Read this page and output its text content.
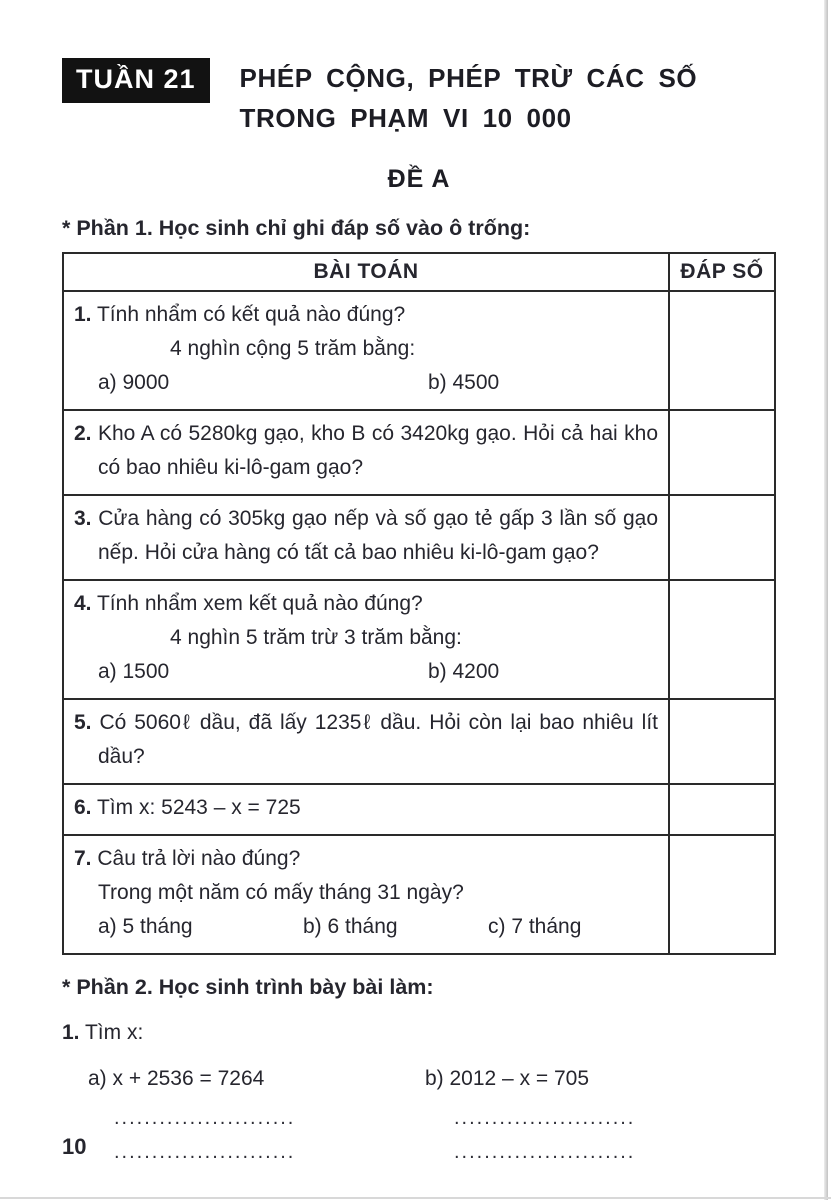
TUẦN 21	PHÉP CỘNG, PHÉP TRỪ CÁC SỐ
TRONG PHẠM VI 10 000
ĐỀ A
* Phần 1. Học sinh chỉ ghi đáp số vào ô trống:
BÀI TOÁN	ĐÁP SỐ

1. Tính nhẩm có kết quả nào đúng?

4 nghìn cộng 5 trăm bằng:

a) 9000 b) 4500	

2. Kho A có 5280kg gạo, kho B có 3420kg gạo. Hỏi cả hai kho có bao nhiêu ki-lô-gam gạo?	

3. Cửa hàng có 305kg gạo nếp và số gạo tẻ gấp 3 lần số gạo nếp. Hỏi cửa hàng có tất cả bao nhiêu ki-lô-gam gạo?	

4. Tính nhẩm xem kết quả nào đúng?

4 nghìn 5 trăm trừ 3 trăm bằng:

a) 1500 b) 4200	

5. Có 5060ℓ dầu, đã lấy 1235ℓ dầu. Hỏi còn lại bao nhiêu lít dầu?	

6. Tìm x: 5243 – x = 725	

7. Câu trả lời nào đúng?

Trong một năm có mấy tháng 31 ngày?

a) 5 tháng b) 6 tháng c) 7 tháng	

* Phần 2. Học sinh trình bày bài làm:

1. Tìm x:

a) x + 2536 = 7264	b) 2012 – x = 705
........................	........................
........................	........................
10
